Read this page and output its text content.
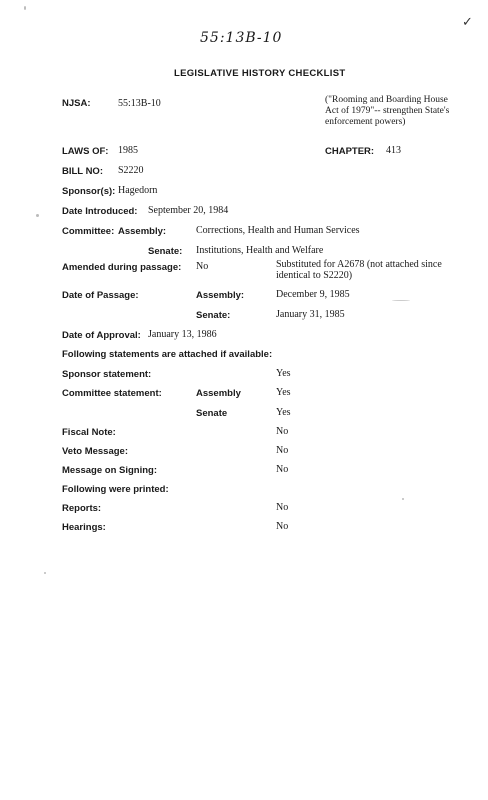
55:13B-10
✓
LEGISLATIVE HISTORY CHECKLIST
NJSA:	55:13B-10	("Rooming and Boarding House Act of 1979"-- strengthen State's enforcement powers)
LAWS OF: 1985	CHAPTER: 413
BILL NO: S2220
Sponsor(s): Hagedorn
Date Introduced: September 20, 1984
Committee: Assembly:	Corrections, Health and Human Services
Senate: Institutions, Health and Welfare
Amended during passage: No	Substituted for A2678 (not attached since identical to S2220)
Date of Passage:	Assembly:	December 9, 1985
Senate:	January 31, 1985
Date of Approval: January 13, 1986
Following statements are attached if available:
Sponsor statement:	Yes
Committee statement:	Assembly	Yes
Senate	Yes
Fiscal Note:	No
Veto Message:	No
Message on Signing:	No
Following were printed:
Reports:	No
Hearings:	No
